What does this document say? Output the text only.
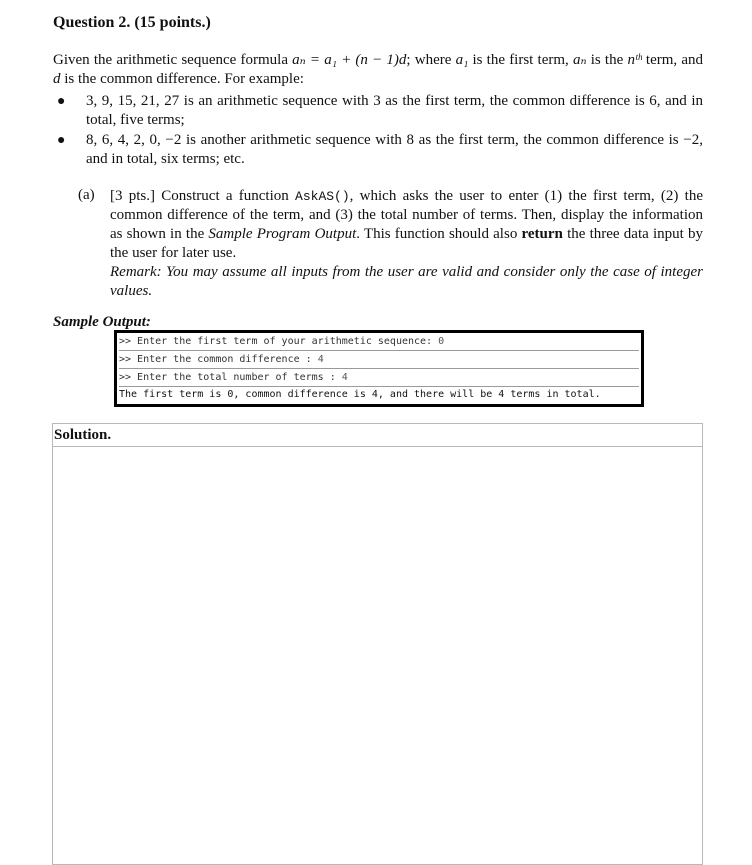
Question 2. (15 points.)
Given the arithmetic sequence formula aₙ = a₁ + (n − 1)d; where a₁ is the first term, aₙ is the nᵗʰ term, and d is the common difference. For example:
● 3, 9, 15, 21, 27 is an arithmetic sequence with 3 as the first term, the common difference is 6, and in total, five terms;
● 8, 6, 4, 2, 0, −2 is another arithmetic sequence with 8 as the first term, the common difference is −2, and in total, six terms; etc.
(a) [3 pts.] Construct a function AskAS(), which asks the user to enter (1) the first term, (2) the common difference of the term, and (3) the total number of terms. Then, display the information as shown in the Sample Program Output. This function should also return the three data input by the user for later use.
Remark: You may assume all inputs from the user are valid and consider only the case of integer values.
Sample Output:
>> Enter the first term of your arithmetic sequence: 0
>> Enter the common difference : 4
>> Enter the total number of terms : 4
The first term is 0, common difference is 4, and there will be 4 terms in total.
Solution.
